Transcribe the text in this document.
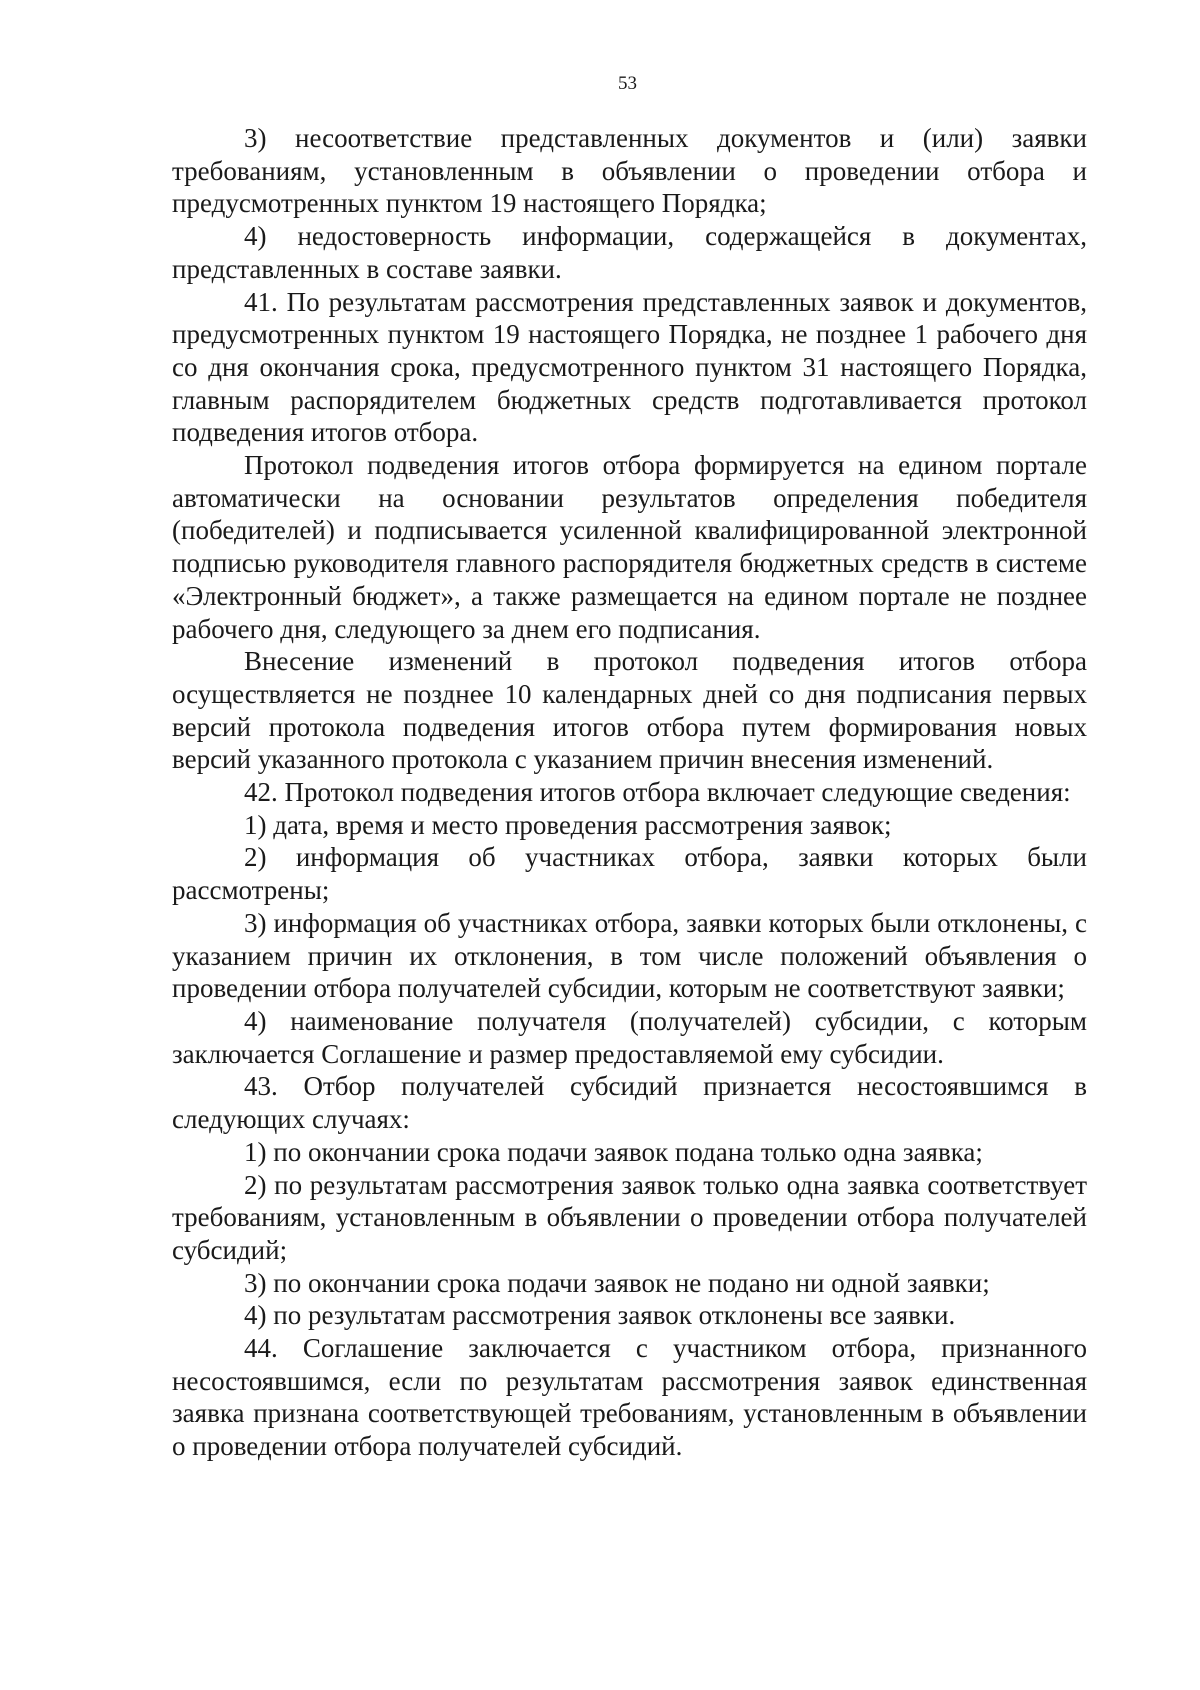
53

3) несоответствие представленных документов и (или) заявки требованиям, установленным в объявлении о проведении отбора и предусмотренных пунктом 19 настоящего Порядка;

4) недостоверность информации, содержащейся в документах, представленных в составе заявки.

41. По результатам рассмотрения представленных заявок и документов, предусмотренных пунктом 19 настоящего Порядка, не позднее 1 рабочего дня со дня окончания срока, предусмотренного пунктом 31 настоящего Порядка, главным распорядителем бюджетных средств подготавливается протокол подведения итогов отбора.

Протокол подведения итогов отбора формируется на едином портале автоматически на основании результатов определения победителя (победителей) и подписывается усиленной квалифицированной электронной подписью руководителя главного распорядителя бюджетных средств в системе «Электронный бюджет», а также размещается на едином портале не позднее рабочего дня, следующего за днем его подписания.

Внесение изменений в протокол подведения итогов отбора осуществляется не позднее 10 календарных дней со дня подписания первых версий протокола подведения итогов отбора путем формирования новых версий указанного протокола с указанием причин внесения изменений.

42. Протокол подведения итогов отбора включает следующие сведения:

1) дата, время и место проведения рассмотрения заявок;

2) информация об участниках отбора, заявки которых были рассмотрены;

3) информация об участниках отбора, заявки которых были отклонены, с указанием причин их отклонения, в том числе положений объявления о проведении отбора получателей субсидии, которым не соответствуют заявки;

4) наименование получателя (получателей) субсидии, с которым заключается Соглашение и размер предоставляемой ему субсидии.

43. Отбор получателей субсидий признается несостоявшимся в следующих случаях:

1) по окончании срока подачи заявок подана только одна заявка;

2) по результатам рассмотрения заявок только одна заявка соответствует требованиям, установленным в объявлении о проведении отбора получателей субсидий;

3) по окончании срока подачи заявок не подано ни одной заявки;

4) по результатам рассмотрения заявок отклонены все заявки.

44. Соглашение заключается с участником отбора, признанного несостоявшимся, если по результатам рассмотрения заявок единственная заявка признана соответствующей требованиям, установленным в объявлении о проведении отбора получателей субсидий.
